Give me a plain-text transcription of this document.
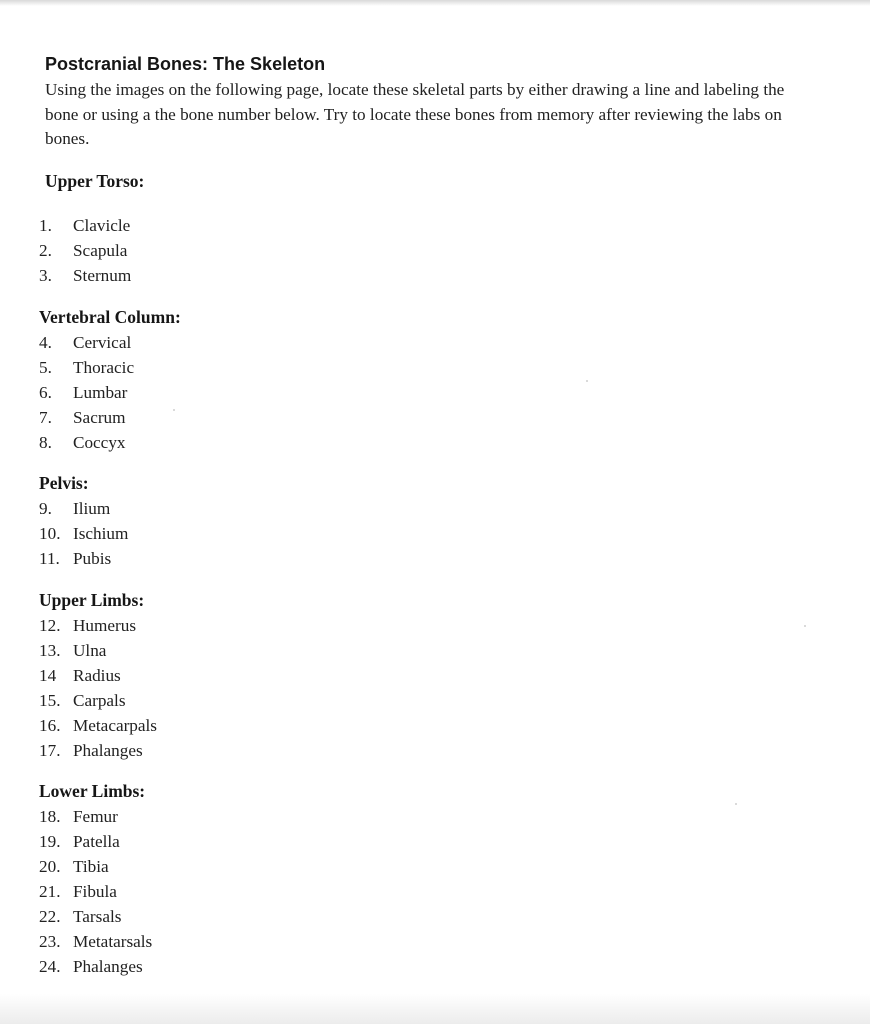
Postcranial Bones: The Skeleton

Using the images on the following page, locate these skeletal parts by either drawing a line and labeling the bone or using a the bone number below. Try to locate these bones from memory after reviewing the labs on bones.

Upper Torso:
1. Clavicle
2. Scapula
3. Sternum
Vertebral Column:
4. Cervical
5. Thoracic
6. Lumbar
7. Sacrum
8. Coccyx
Pelvis:
9. Ilium
10. Ischium
11. Pubis
Upper Limbs:
12. Humerus
13. Ulna
14 Radius
15. Carpals
16. Metacarpals
17. Phalanges
Lower Limbs:
18. Femur
19. Patella
20. Tibia
21. Fibula
22. Tarsals
23. Metatarsals
24. Phalanges
